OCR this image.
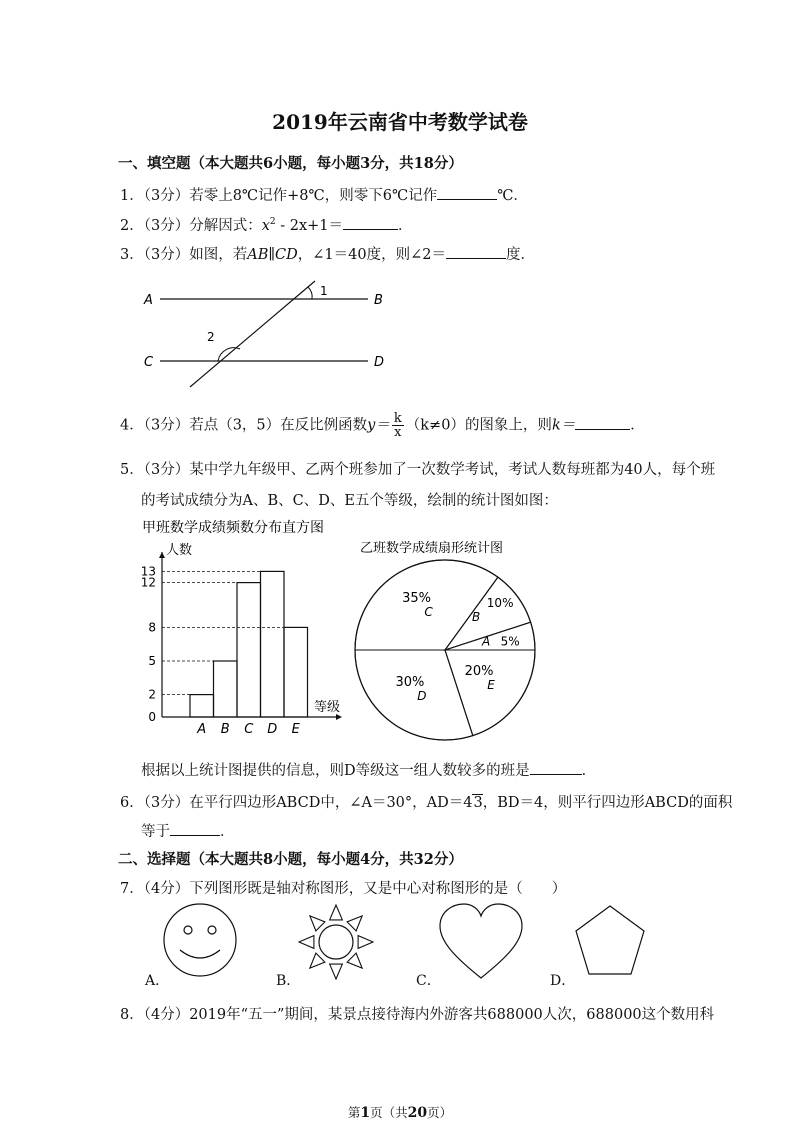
2019年云南省中考数学试卷
一、填空题（本大题共6小题，每小题3分，共18分）
1．（3分）若零上8℃记作+8℃，则零下6℃记作	℃．
2．（3分）分解因式：$x^2 - 2x+1=$	．
3．（3分）如图，若AB∥CD，∠1＝40度，则∠2＝	度．
A	B
C	D
1
2
4．（3分）若点（3，5）在反比例函数$y= \frac{k}{x} (k\ne 0)$的图象上，则k＝	．
5．（3分）某中学九年级甲、乙两个班参加了一次数学考试，考试人数每班都为40人，每个班
的考试成绩分为A、B、C、D、E五个等级，绘制的统计图如图：
甲班数学成绩频数分布直方图
人数
等级
0
2
5
8
12
13
A B C D E
乙班数学成绩扇形统计图
C
35%
B
10%
A 5%
E
20%
D
30%
根据以上统计图提供的信息，则D等级这一组人数较多的班是	．
6．（3分）在平行四边形ABCD中，∠A＝30°，AD＝43，BD＝4，则平行四边形ABCD的面积
等于	．
二、选择题（本大题共8小题，每小题4分，共32分）
7．（4分）下列图形既是轴对称图形，又是中心对称图形的是（　　）
A．	B．	C．	D．
8．（4分）2019年“五一”期间，某景点接待海内外游客共688000人次，688000这个数用科
第1页（共20页）
